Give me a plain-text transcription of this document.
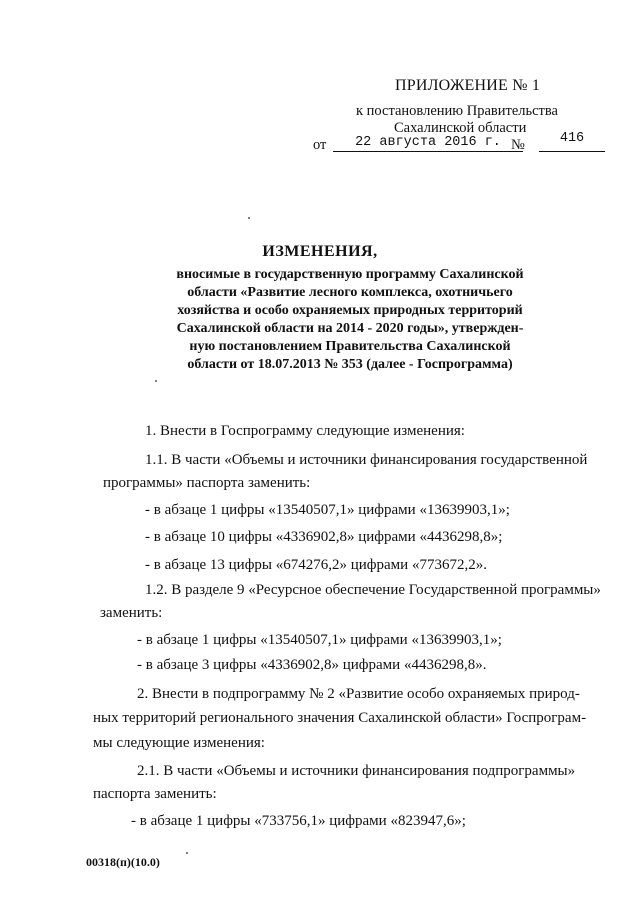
ПРИЛОЖЕНИЕ № 1
к постановлению Правительства
Сахалинской области
от	22 августа 2016 г. №	416
ИЗМЕНЕНИЯ,
вносимые в государственную программу Сахалинской
области «Развитие лесного комплекса, охотничьего
хозяйства и особо охраняемых природных территорий
Сахалинской области на 2014 - 2020 годы», утвержден-
ную постановлением Правительства Сахалинской
области от 18.07.2013 № 353 (далее - Госпрограмма)
1. Внести в Госпрограмму следующие изменения:
1.1. В части «Объемы и источники финансирования государственной
программы» паспорта заменить:
- в абзаце 1 цифры «13540507,1» цифрами «13639903,1»;
- в абзаце 10 цифры «4336902,8» цифрами «4436298,8»;
- в абзаце 13 цифры «674276,2» цифрами «773672,2».
1.2. В разделе 9 «Ресурсное обеспечение Государственной программы»
заменить:
- в абзаце 1 цифры «13540507,1» цифрами «13639903,1»;
- в абзаце 3 цифры «4336902,8» цифрами «4436298,8».
2. Внести в подпрограмму № 2 «Развитие особо охраняемых природ-
ных территорий регионального значения Сахалинской области» Госпрограм-
мы следующие изменения:
2.1. В части «Объемы и источники финансирования подпрограммы»
паспорта заменить:
- в абзаце 1 цифры «733756,1» цифрами «823947,6»;
00318(п)(10.0)
